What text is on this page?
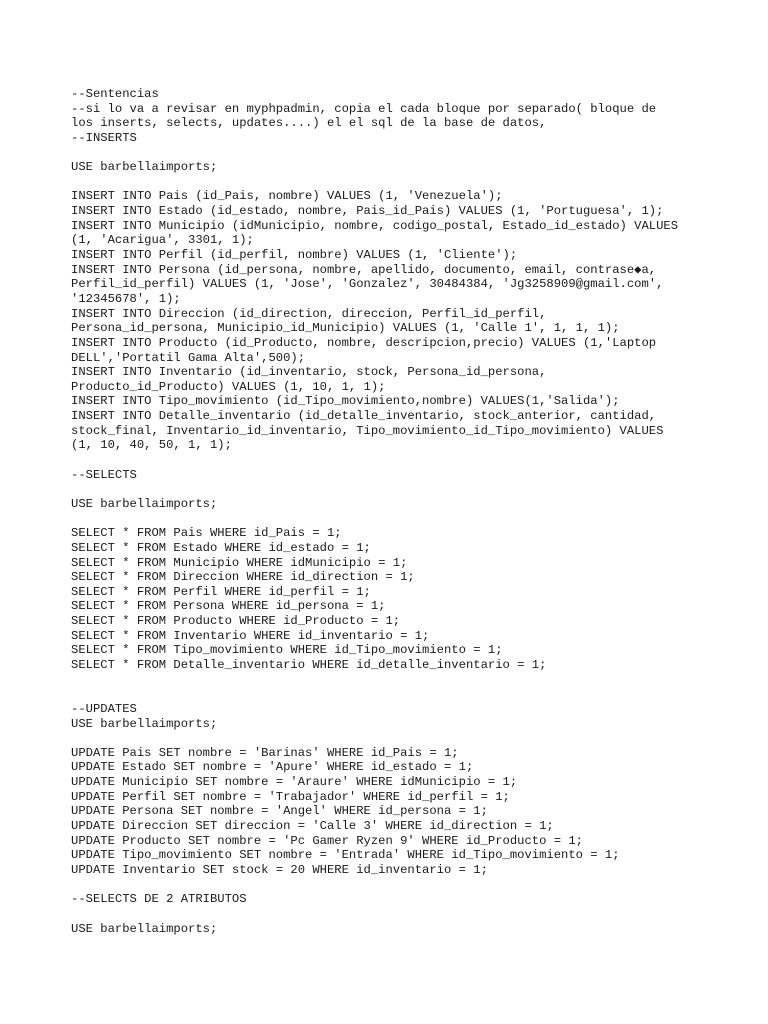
--Sentencias
--si lo va a revisar en myphpadmin, copia el cada bloque por separado( bloque de
los inserts, selects, updates....) el el sql de la base de datos,
--INSERTS
USE barbellaimports;
INSERT INTO Pais (id_Pais, nombre) VALUES (1, 'Venezuela');
INSERT INTO Estado (id_estado, nombre, Pais_id_Pais) VALUES (1, 'Portuguesa', 1);
INSERT INTO Municipio (idMunicipio, nombre, codigo_postal, Estado_id_estado) VALUES
(1, 'Acarigua', 3301, 1);
INSERT INTO Perfil (id_perfil, nombre) VALUES (1, 'Cliente');
INSERT INTO Persona (id_persona, nombre, apellido, documento, email, contrase◆a,
Perfil_id_perfil) VALUES (1, 'Jose', 'Gonzalez', 30484384, 'Jg3258909@gmail.com',
'12345678', 1);
INSERT INTO Direccion (id_direction, direccion, Perfil_id_perfil,
Persona_id_persona, Municipio_id_Municipio) VALUES (1, 'Calle 1', 1, 1, 1);
INSERT INTO Producto (id_Producto, nombre, descripcion,precio) VALUES (1,'Laptop
DELL','Portatil Gama Alta',500);
INSERT INTO Inventario (id_inventario, stock, Persona_id_persona,
Producto_id_Producto) VALUES (1, 10, 1, 1);
INSERT INTO Tipo_movimiento (id_Tipo_movimiento,nombre) VALUES(1,'Salida');
INSERT INTO Detalle_inventario (id_detalle_inventario, stock_anterior, cantidad,
stock_final, Inventario_id_inventario, Tipo_movimiento_id_Tipo_movimiento) VALUES
(1, 10, 40, 50, 1, 1);
--SELECTS
USE barbellaimports;
SELECT * FROM Pais WHERE id_Pais = 1;
SELECT * FROM Estado WHERE id_estado = 1;
SELECT * FROM Municipio WHERE idMunicipio = 1;
SELECT * FROM Direccion WHERE id_direction = 1;
SELECT * FROM Perfil WHERE id_perfil = 1;
SELECT * FROM Persona WHERE id_persona = 1;
SELECT * FROM Producto WHERE id_Producto = 1;
SELECT * FROM Inventario WHERE id_inventario = 1;
SELECT * FROM Tipo_movimiento WHERE id_Tipo_movimiento = 1;
SELECT * FROM Detalle_inventario WHERE id_detalle_inventario = 1;
--UPDATES
USE barbellaimports;
UPDATE Pais SET nombre = 'Barinas' WHERE id_Pais = 1;
UPDATE Estado SET nombre = 'Apure' WHERE id_estado = 1;
UPDATE Municipio SET nombre = 'Araure' WHERE idMunicipio = 1;
UPDATE Perfil SET nombre = 'Trabajador' WHERE id_perfil = 1;
UPDATE Persona SET nombre = 'Angel' WHERE id_persona = 1;
UPDATE Direccion SET direccion = 'Calle 3' WHERE id_direction = 1;
UPDATE Producto SET nombre = 'Pc Gamer Ryzen 9' WHERE id_Producto = 1;
UPDATE Tipo_movimiento SET nombre = 'Entrada' WHERE id_Tipo_movimiento = 1;
UPDATE Inventario SET stock = 20 WHERE id_inventario = 1;
--SELECTS DE 2 ATRIBUTOS
USE barbellaimports;
